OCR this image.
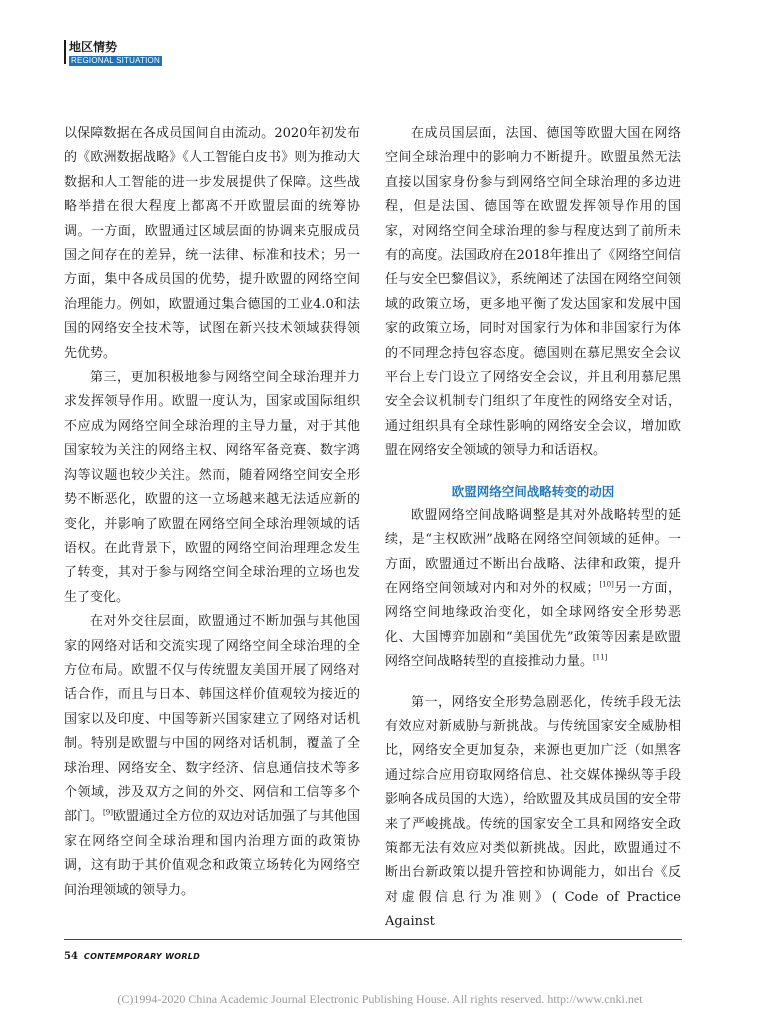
地区情势
REGIONAL SITUATION

以保障数据在各成员国间自由流动。2020年初发布的《欧洲数据战略》《人工智能白皮书》则为推动大数据和人工智能的进一步发展提供了保障。这些战略举措在很大程度上都离不开欧盟层面的统筹协调。一方面，欧盟通过区域层面的协调来克服成员国之间存在的差异，统一法律、标准和技术；另一方面，集中各成员国的优势，提升欧盟的网络空间治理能力。例如，欧盟通过集合德国的工业4.0和法国的网络安全技术等，试图在新兴技术领域获得领先优势。

第三，更加积极地参与网络空间全球治理并力求发挥领导作用。欧盟一度认为，国家或国际组织不应成为网络空间全球治理的主导力量，对于其他国家较为关注的网络主权、网络军备竞赛、数字鸿沟等议题也较少关注。然而，随着网络空间安全形势不断恶化，欧盟的这一立场越来越无法适应新的变化，并影响了欧盟在网络空间全球治理领域的话语权。在此背景下，欧盟的网络空间治理理念发生了转变，其对于参与网络空间全球治理的立场也发生了变化。

在对外交往层面，欧盟通过不断加强与其他国家的网络对话和交流实现了网络空间全球治理的全方位布局。欧盟不仅与传统盟友美国开展了网络对话合作，而且与日本、韩国这样价值观较为接近的国家以及印度、中国等新兴国家建立了网络对话机制。特别是欧盟与中国的网络对话机制，覆盖了全球治理、网络安全、数字经济、信息通信技术等多个领域，涉及双方之间的外交、网信和工信等多个部门。[9]欧盟通过全方位的双边对话加强了与其他国家在网络空间全球治理和国内治理方面的政策协调，这有助于其价值观念和政策立场转化为网络空间治理领域的领导力。

在成员国层面，法国、德国等欧盟大国在网络空间全球治理中的影响力不断提升。欧盟虽然无法直接以国家身份参与到网络空间全球治理的多边进程，但是法国、德国等在欧盟发挥领导作用的国家，对网络空间全球治理的参与程度达到了前所未有的高度。法国政府在2018年推出了《网络空间信任与安全巴黎倡议》，系统阐述了法国在网络空间领域的政策立场，更多地平衡了发达国家和发展中国家的政策立场，同时对国家行为体和非国家行为体的不同理念持包容态度。德国则在慕尼黑安全会议平台上专门设立了网络安全会议，并且利用慕尼黑安全会议机制专门组织了年度性的网络安全对话，通过组织具有全球性影响的网络安全会议，增加欧盟在网络安全领域的领导力和话语权。

欧盟网络空间战略转变的动因

欧盟网络空间战略调整是其对外战略转型的延续，是“主权欧洲”战略在网络空间领域的延伸。一方面，欧盟通过不断出台战略、法律和政策，提升在网络空间领域对内和对外的权威；[10]另一方面，网络空间地缘政治变化，如全球网络安全形势恶化、大国博弈加剧和“美国优先”政策等因素是欧盟网络空间战略转型的直接推动力量。[11]

第一，网络安全形势急剧恶化，传统手段无法有效应对新威胁与新挑战。与传统国家安全威胁相比，网络安全更加复杂，来源也更加广泛（如黑客通过综合应用窃取网络信息、社交媒体操纵等手段影响各成员国的大选），给欧盟及其成员国的安全带来了严峻挑战。传统的国家安全工具和网络安全政策都无法有效应对类似新挑战。因此，欧盟通过不断出台新政策以提升管控和协调能力，如出台《反对虚假信息行为准则》( Code of Practice Against

54 CONTEMPORARY WORLD
(C)1994-2020 China Academic Journal Electronic Publishing House. All rights reserved. http://www.cnki.net
